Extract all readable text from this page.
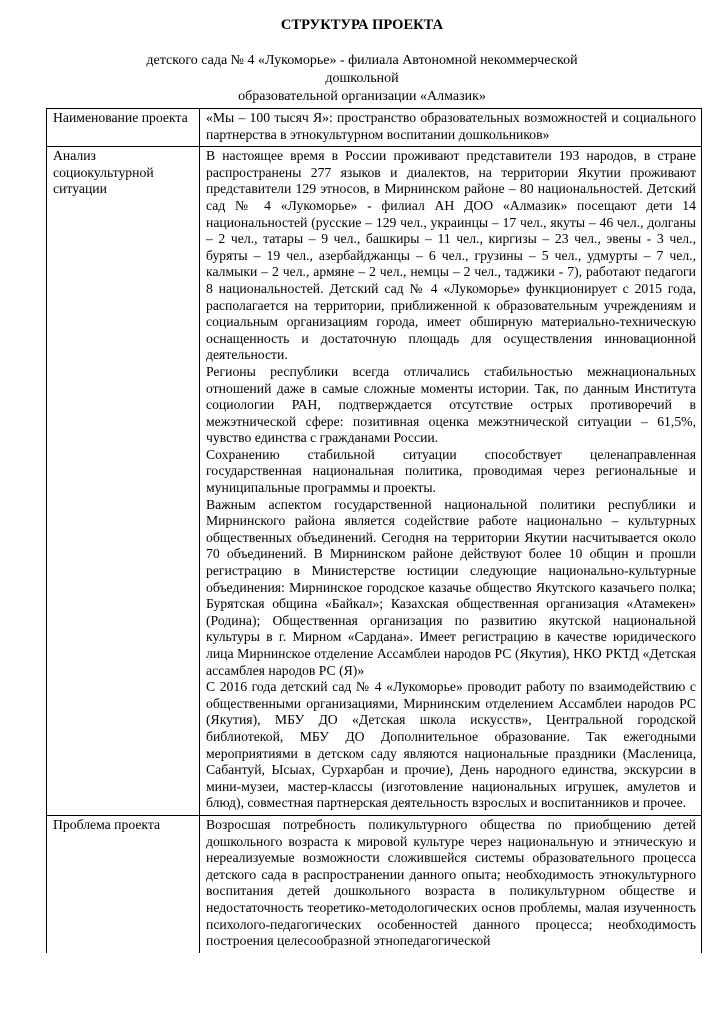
СТРУКТУРА ПРОЕКТА
детского сада № 4 «Лукоморье» - филиала Автономной некоммерческой дошкольной
образовательной организации «Алмазик»
Наименование проекта	«Мы – 100 тысяч Я»: пространство образовательных возможностей и социального партнерства в этнокультурном воспитании дошкольников»

Анализ социокультурной ситуации	В настоящее время в России проживают представители 193 народов, в стране распространены 277 языков и диалектов, на территории Якутии проживают представители 129 этносов, в Мирнинском районе – 80 национальностей. Детский сад № 4 «Лукоморье» - филиал АН ДОО «Алмазик» посещают дети 14 национальностей (русские – 129 чел., украинцы – 17 чел., якуты – 46 чел., долганы – 2 чел., татары – 9 чел., башкиры – 11 чел., киргизы – 23 чел., эвены - 3 чел., буряты – 19 чел., азербайджанцы – 6 чел., грузины – 5 чел., удмурты – 7 чел., калмыки – 2 чел., армяне – 2 чел., немцы – 2 чел., таджики - 7), работают педагоги 8 национальностей. Детский сад № 4 «Лукоморье» функционирует с 2015 года, располагается на территории, приближенной к образовательным учреждениям и социальным организациям города, имеет обширную материально-техническую оснащенность и достаточную площадь для осуществления инновационной деятельности.

Регионы республики всегда отличались стабильностью межнациональных отношений даже в самые сложные моменты истории. Так, по данным Института социологии РАН, подтверждается отсутствие острых противоречий в межэтнической сфере: позитивная оценка межэтнической ситуации – 61,5%, чувство единства с гражданами России.

Сохранению стабильной ситуации способствует целенаправленная государственная национальная политика, проводимая через региональные и муниципальные программы и проекты.

Важным аспектом государственной национальной политики республики и Мирнинского района является содействие работе национально – культурных общественных объединений. Сегодня на территории Якутии насчитывается около 70 объединений. В Мирнинском районе действуют более 10 общин и прошли регистрацию в Министерстве юстиции следующие национально-культурные объединения: Мирнинское городское казачье общество Якутского казачьего полка; Бурятская община «Байкал»; Казахская общественная организация «Атамекен» (Родина); Общественная организация по развитию якутской национальной культуры в г. Мирном «Сардана». Имеет регистрацию в качестве юридического лица Мирнинское отделение Ассамблеи народов РС (Якутия), НКО РКТД «Детская ассамблея народов РС (Я)»

С 2016 года детский сад № 4 «Лукоморье» проводит работу по взаимодействию с общественными организациями, Мирнинским отделением Ассамблеи народов РС (Якутия), МБУ ДО «Детская школа искусств», Центральной городской библиотекой, МБУ ДО Дополнительное образование. Так ежегодными мероприятиями в детском саду являются национальные праздники (Масленица, Сабантуй, Ысыах, Сурхарбан и прочие), День народного единства, экскурсии в мини-музеи, мастер-классы (изготовление национальных игрушек, амулетов и блюд), совместная партнерская деятельность взрослых и воспитанников и прочее.

Проблема проекта	Возросшая потребность поликультурного общества по приобщению детей дошкольного возраста к мировой культуре через национальную и этническую и нереализуемые возможности сложившейся системы образовательного процесса детского сада в распространении данного опыта; необходимость этнокультурного воспитания детей дошкольного возраста в поликультурном обществе и недостаточность теоретико-методологических основ проблемы, малая изученность психолого-педагогических особенностей данного процесса; необходимость построения целесообразной этнопедагогической
